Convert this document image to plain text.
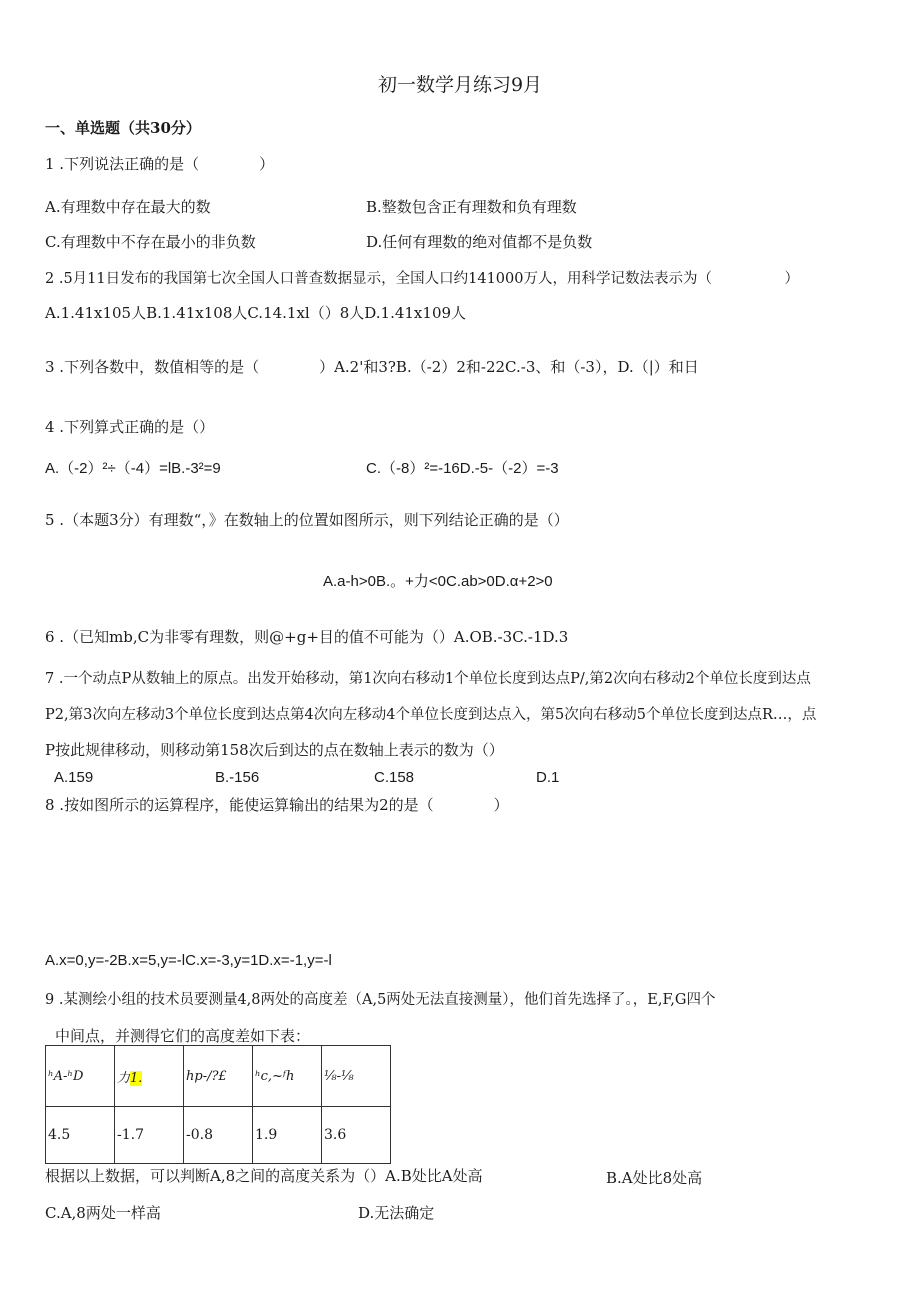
初一数学月练习9月
一、单选题（共30分）
1 .下列说法正确的是（　　　　）
A.有理数中存在最大的数	B.整数包含正有理数和负有理数
C.有理数中不存在最小的非负数	D.任何有理数的绝对值都不是负数
2 .5月11日发布的我国第七次全国人口普查数据显示，全国人口约141000万人，用科学记数法表示为（　　　　　）
A.1.41x105人B.1.41x108人C.14.1xl（）8人D.1.41x109人
3 .下列各数中，数值相等的是（　　　　）A.2'和3?B.（-2）2和-22C.-3、和（-3），D.（|）和日
4 .下列算式正确的是（）
A.（-2）²÷（-4）=lB.-3²=9	C.（-8）²=-16D.-5-（-2）=-3
5 .（本题3分）有理数“，》在数轴上的位置如图所示，则下列结论正确的是（）
A.a-h>0B.。+力<0C.ab>0D.α+2>0
6 .（已知mb,C为非零有理数，则@+g+目的值不可能为（）A.OB.-3C.-1D.3
7 .一个动点P从数轴上的原点。出发开始移动，第1次向右移动1个单位长度到达点P/,第2次向右移动2个单位长度到达点
P2,第3次向左移动3个单位长度到达点第4次向左移动4个单位长度到达点入，第5次向右移动5个单位长度到达点R…，点
P按此规律移动，则移动第158次后到达的点在数轴上表示的数为（）
A.159	B.-156	C.158	D.1
8 .按如图所示的运算程序，能使运算输出的结果为2的是（　　　　）
A.x=0,y=-2B.x=5,y=-lC.x=-3,y=1D.x=-1,y=-l
9 .某测绘小组的技术员要测量4,8两处的高度差（A,5两处无法直接测量），他们首先选择了。，E,F,G四个
中间点，并测得它们的高度差如下表：
ʰA-ʰD	力1.	hp-/?£	ʰc,~ᶠh	⅛-⅛
4.5	-1.7	-0.8	1.9	3.6
根据以上数据，可以判断A,8之间的高度关系为（）A.B处比A处高	B.A处比8处高
C.A,8两处一样高	D.无法确定
